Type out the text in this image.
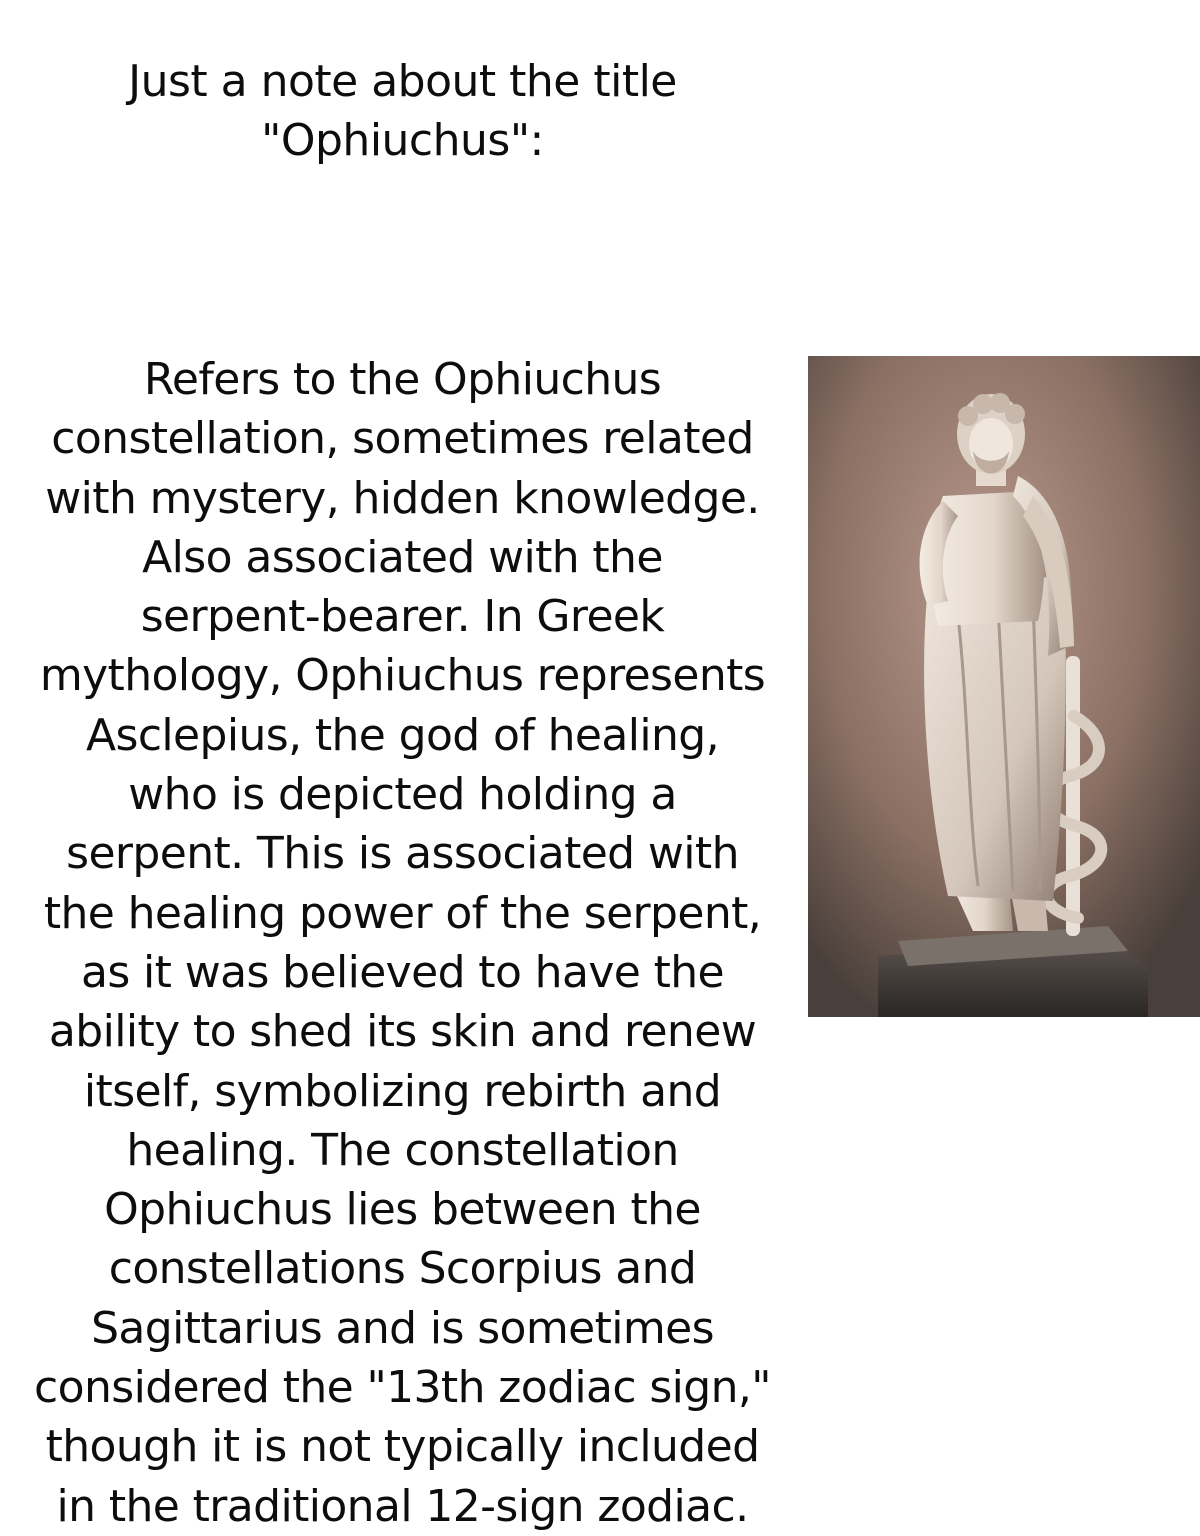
Just a note about the title
"Ophiuchus":

Refers to the Ophiuchus
constellation, sometimes related
with mystery, hidden knowledge.
Also associated with the
serpent-bearer. In Greek
mythology, Ophiuchus represents
Asclepius, the god of healing,
who is depicted holding a
serpent. This is associated with
the healing power of the serpent,
as it was believed to have the
ability to shed its skin and renew
itself, symbolizing rebirth and
healing. The constellation
Ophiuchus lies between the
constellations Scorpius and
Sagittarius and is sometimes
considered the "13th zodiac sign,"
though it is not typically included
in the traditional 12-sign zodiac.
